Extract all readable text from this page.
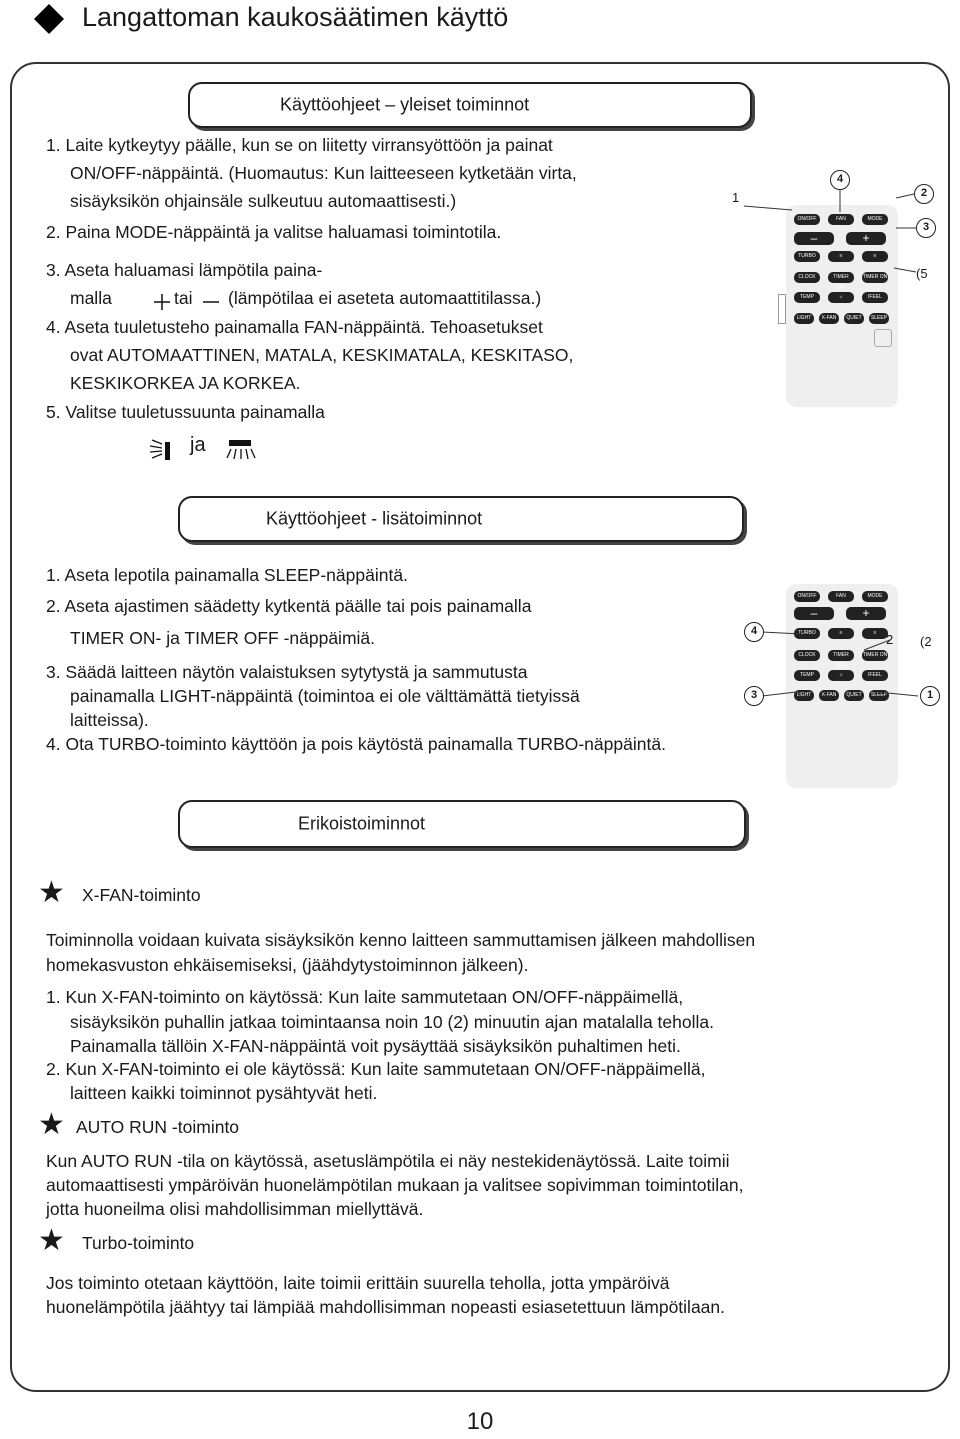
Langattoman kaukosäätimen käyttö
Käyttöohjeet – yleiset toiminnot
1. Laite kytkeytyy päälle, kun se on liitetty virransyöttöön ja painat
ON/OFF-näppäintä. (Huomautus: Kun laitteeseen kytketään virta,
sisäyksikön ohjainsäle sulkeutuu automaattisesti.)
2. Paina MODE-näppäintä ja valitse haluamasi toimintotila.
3. Aseta haluamasi lämpötila paina-
malla	tai (lämpötilaa ei aseteta automaattitilassa.)
4. Aseta tuuletusteho painamalla FAN-näppäintä. Tehoasetukset
ovat AUTOMAATTINEN, MATALA, KESKIMATALA, KESKITASO,
KESKIKORKEA JA KORKEA.
5. Valitse tuuletussuunta painamalla
ja
ON/OFF	FAN	MODE
–	+
TURBO	≡	≡
CLOCK	TIMER OFF
TIMER ON
TEMP	☼	IFEEL
LIGHT	X-FAN	QUIET	SLEEP
1
4
2
3
(5
Käyttöohjeet - lisätoiminnot
1. Aseta lepotila painamalla SLEEP-näppäintä.
2. Aseta ajastimen säädetty kytkentä päälle tai pois painamalla
TIMER ON- ja TIMER OFF -näppäimiä.
3. Säädä laitteen näytön valaistuksen sytytystä ja sammutusta
painamalla LIGHT-näppäintä (toimintoa ei ole välttämättä tietyissä
laitteissa).
ON/OFF	FAN	MODE
–	+
TURBO	≡	≡
CLOCK	TIMER OFF
TIMER ON
TEMP	☼	IFEEL
LIGHT	X-FAN	QUIET	SLEEP
4
2 (2
3	1
4. Ota TURBO-toiminto käyttöön ja pois käytöstä painamalla TURBO-näppäintä.
Erikoistoiminnot
★ X-FAN-toiminto
Toiminnolla voidaan kuivata sisäyksikön kenno laitteen sammuttamisen jälkeen mahdollisen
homekasvuston ehkäisemiseksi, (jäähdytystoiminnon jälkeen).
1. Kun X-FAN-toiminto on käytössä: Kun laite sammutetaan ON/OFF-näppäimellä,
sisäyksikön puhallin jatkaa toimintaansa noin 10 (2) minuutin ajan matalalla teholla.
Painamalla tällöin X-FAN-näppäintä voit pysäyttää sisäyksikön puhaltimen heti.
2. Kun X-FAN-toiminto ei ole käytössä: Kun laite sammutetaan ON/OFF-näppäimellä,
laitteen kaikki toiminnot pysähtyvät heti.
★ AUTO RUN -toiminto
Kun AUTO RUN -tila on käytössä, asetuslämpötila ei näy nestekidenäytössä. Laite toimii
automaattisesti ympäröivän huonelämpötilan mukaan ja valitsee sopivimman toimintotilan,
jotta huoneilma olisi mahdollisimman miellyttävä.
★ Turbo-toiminto
Jos toiminto otetaan käyttöön, laite toimii erittäin suurella teholla, jotta ympäröivä
huonelämpötila jäähtyy tai lämpiää mahdollisimman nopeasti esiasetettuun lämpötilaan.
10
